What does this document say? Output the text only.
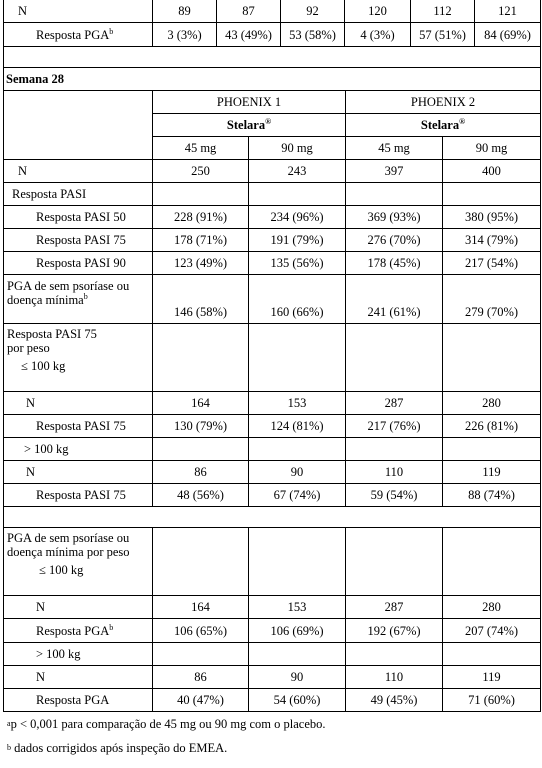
N	89	87	92	120	112	121
Resposta PGA$^b$	3 (3%)	43 (49%)	53 (58%)	4 (3%)	57 (51%)	84 (69%)

Semana 28				
	PHOENIX 1		PHOENIX 2	
	Stelara®		Stelara®
	45 mg	90 mg	45 mg	90 mg
N	250	243	397	400
Resposta PASI				
Resposta PASI 50	228 (91%)	234 (96%)	369 (93%)	380 (95%)
Resposta PASI 75	178 (71%)	191 (79%)	276 (70%)	314 (79%)
Resposta PASI 90	123 (49%)	135 (56%)	178 (45%)	217 (54%)
PGA de sem psoríase ou doença mínima$^b$	146 (58%)	160 (66%)	241 (61%)	279 (70%)

Resposta PASI 75 por peso
≤ 100 kg				

N	164	153	287	280
Resposta PASI 75	130 (79%)	124 (81%)	217 (76%)	226 (81%)
> 100 kg				
N	86	90	110	119
Resposta PASI 75	48 (56%)	67 (74%)	59 (54%)	88 (74%)

PGA de sem psoríase ou doença mínima por peso
≤ 100 kg				

N	164	153	287	280
Resposta PGA$^b$	106 (65%)	106 (69%)	192 (67%)	207 (74%)
> 100 kg				
N	86	90	110	119
Resposta PGA	40 (47%)	54 (60%)	49 (45%)	71 (60%)
a p < 0,001 para comparação de 45 mg ou 90 mg com o placebo.
b
dados corrigidos após inspeção do EMEA.
